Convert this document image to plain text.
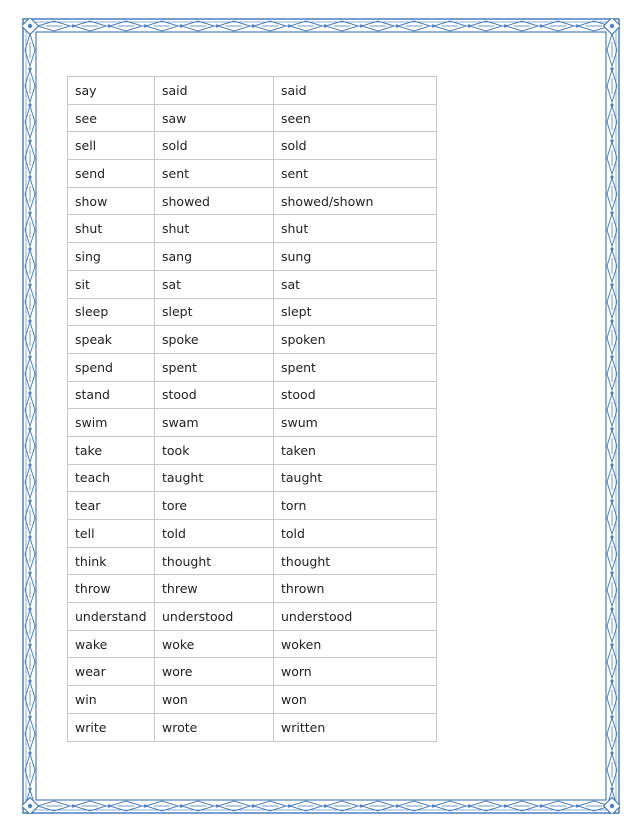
say	said	said
see	saw	seen
sell	sold	sold
send	sent	sent
show	showed	showed/shown
shut	shut	shut
sing	sang	sung
sit	sat	sat
sleep	slept	slept
speak	spoke	spoken
spend	spent	spent
stand	stood	stood
swim	swam	swum
take	took	taken
teach	taught	taught
tear	tore	torn
tell	told	told
think	thought	thought
throw	threw	thrown
understand	understood	understood
wake	woke	woken
wear	wore	worn
win	won	won
write	wrote	written
